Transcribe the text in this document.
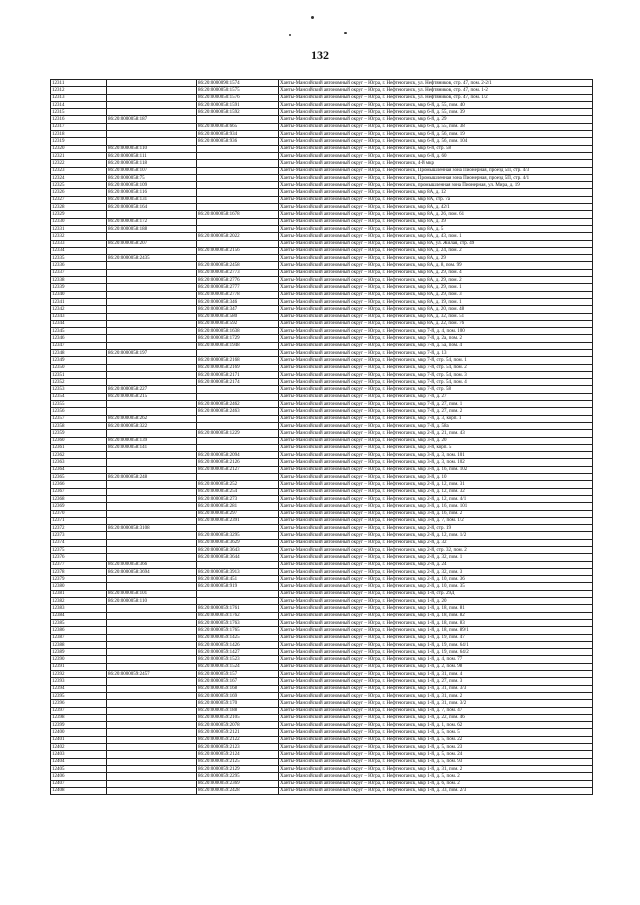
132
12311		86:20:0000090:1574	Ханты-Мансийский автономный округ – Югра, г. Нефтеюганск, ул. Нефтяников, стр. 47, пом. 2-2/1
12312		86:20:0000050:1575	Ханты-Мансийский автономный округ – Югра, г. Нефтеюганск, ул. Нефтяников, стр. 47, пом. 1-2
12313		86:20:0000050:1576	Ханты-Мансийский автономный округ – Югра, г. Нефтеюганск, ул. Нефтяников, стр. 47, пом. 1/2
12314		86:20:0000058:1591	Ханты-Мансийский автономный округ – Югра, г. Нефтеюганск, мкр 6-й, д. 55, пом. 40
12315		86:20:0000058:1592	Ханты-Мансийский автономный округ – Югра, г. Нефтеюганск, мкр 6-й, д. 55, пом. 39
12316	86:20:0000058:187		Ханты-Мансийский автономный округ – Югра, г. Нефтеюганск, мкр 6-й, д. 29
12317		86:20:0000058:665	Ханты-Мансийский автономный округ – Югра, г. Нефтеюганск, мкр 6-й, д. 55, пом. 38
12318		86:20:0000058:934	Ханты-Мансийский автономный округ – Югра, г. Нефтеюганск, мкр 6-й, д. 56, пом. 19
12319		86:20:0000058:936	Ханты-Мансийский автономный округ – Югра, г. Нефтеюганск, мкр 6-й, д. 56, пом. 104
12320	86:20:0000058:110		Ханты-Мансийский автономный округ – Югра, г. Нефтеюганск, мкр 6-й, стр. 58
12321	86:20:0000058:111		Ханты-Мансийский автономный округ – Югра, г. Нефтеюганск, мкр 6-й, д. 60
12322	86:20:0000058:118		Ханты-Мансийский автономный округ – Югра, г. Нефтеюганск, 4-й мкр
12323	86:20:0000058:107		Ханты-Мансийский автономный округ – Югра, г. Нефтеюганск, Промышленная зона Пионерная, проезд 5П, стр. 4/3
12324	86:20:0000058:75		Ханты-Мансийский автономный округ – Югра, г. Нефтеюганск, Промышленная зона Пионерная, проезд 5П, стр. 4/1
12325	86:20:0000058:109		Ханты-Мансийский автономный округ – Югра, г. Нефтеюганск, промышленная зона Пионерная, ул. Мира, д. 19
12326	86:20:0000058:116		Ханты-Мансийский автономный округ – Югра, г. Нефтеюганск, мкр 8А, д. 12
12327	86:20:0000058:131		Ханты-Мансийский автономный округ – Югра, г. Нефтеюганск, мкр 8А, стр. 7а
12328	86:20:0000058:164		Ханты-Мансийский автономный округ – Югра, г. Нефтеюганск, мкр 8А, д. 42/1
12329		86:20:0000058:1678	Ханты-Мансийский автономный округ – Югра, г. Нефтеюганск, мкр 8А, д. 26, пом. 61
12330	86:20:0000058:172		Ханты-Мансийский автономный округ – Югра, г. Нефтеюганск, мкр 8А, д. 39
12331	86:20:0000058:188		Ханты-Мансийский автономный округ – Югра, г. Нефтеюганск, мкр 8А, д. 5
12332		86:20:0000058:2022	Ханты-Мансийский автономный округ – Югра, г. Нефтеюганск, мкр 8А, д. 43, пом. 1
12333	86:20:0000058:207		Ханты-Мансийский автономный округ – Югра, г. Нефтеюганск, мкр 8А, ул. Жилая, стр. 49
12334		86:20:0000058:2156	Ханты-Мансийский автономный округ – Югра, г. Нефтеюганск, мкр 8А, д. 24, пом. 2
12335	86:20:0000058:2435		Ханты-Мансийский автономный округ – Югра, г. Нефтеюганск, мкр 8А, д. 29
12336		86:20:0000058:2458	Ханты-Мансийский автономный округ – Югра, г. Нефтеюганск, мкр 8А, д. 8, пом. 99
12337		86:20:0000058:2773	Ханты-Мансийский автономный округ – Югра, г. Нефтеюганск, мкр 8А, д. 29, пом. 4
12338		86:20:0000058:2776	Ханты-Мансийский автономный округ – Югра, г. Нефтеюганск, мкр 8А, д. 29, пом. 2
12339		86:20:0000058:2777	Ханты-Мансийский автономный округ – Югра, г. Нефтеюганск, мкр 8А, д. 29, пом. 1
12340		86:20:0000058:2778	Ханты-Мансийский автономный округ – Югра, г. Нефтеюганск, мкр 8А, д. 29, пом. 3
12341		86:20:0000058:346	Ханты-Мансийский автономный округ – Югра, г. Нефтеюганск, мкр 8А, д. 19, пом. 1
12342		86:20:0000058:347	Ханты-Мансийский автономный округ – Югра, г. Нефтеюганск, мкр 8А, д. 20, пом. 48
12343		86:20:0000058:580	Ханты-Мансийский автономный округ – Югра, г. Нефтеюганск, мкр 8А, д. 32, пом. 51
12344		86:20:0000058:592	Ханты-Мансийский автономный округ – Югра, г. Нефтеюганск, мкр 8А, д. 22, пом. 76
12345		86:20:0000058:1638	Ханты-Мансийский автономный округ – Югра, г. Нефтеюганск, мкр 7-й, д. 4, пом. 100
12346		86:20:0000058:1729	Ханты-Мансийский автономный округ – Югра, г. Нефтеюганск, мкр 7-й, д. 2а, пом. 2
12347		86:20:0000058:1948	Ханты-Мансийский автономный округ – Югра, г. Нефтеюганск, мкр 7-й, д. 5а, пом. 4
12348	86:20:0000058:197		Ханты-Мансийский автономный округ – Югра, г. Нефтеюганск, мкр 7-й, д. 13
12349		86:20:0000058:2168	Ханты-Мансийский автономный округ – Югра, г. Нефтеюганск, мкр 7-й, стр. 54, пом. 1
12350		86:20:0000058:2169	Ханты-Мансийский автономный округ – Югра, г. Нефтеюганск, мкр 7-й, стр. 54, пом. 2
12351		86:20:0000058:2171	Ханты-Мансийский автономный округ – Югра, г. Нефтеюганск, мкр 7-й, стр. 54, пом. 3
12352		86:20:0000058:2174	Ханты-Мансийский автономный округ – Югра, г. Нефтеюганск, мкр 7-й, стр. 54, пом. 4
12353	86:20:0000058:227		Ханты-Мансийский автономный округ – Югра, г. Нефтеюганск, мкр 7-й, стр. 58
12354	86:20:0000058:215		Ханты-Мансийский автономный округ – Югра, г. Нефтеюганск, мкр 7-й, д. 27
12355		86:20:0000058:2462	Ханты-Мансийский автономный округ – Югра, г. Нефтеюганск, мкр 7-й, д. 27, пом. 1
12356		86:20:0000058:2463	Ханты-Мансийский автономный округ – Югра, г. Нефтеюганск, мкр 7-й, д. 27, пом. 2
12357	86:20:0000058:262		Ханты-Мансийский автономный округ – Югра, г. Нефтеюганск, мкр 7-й, д. 3, корп. 1
12358	86:20:0000058:322		Ханты-Мансийский автономный округ – Югра, г. Нефтеюганск, мкр 7-й, д. 58а
12359		86:20:0000058:1229	Ханты-Мансийский автономный округ – Югра, г. Нефтеюганск, мкр 2-й, д. 21, пом. 43
12360	86:20:0000058:139		Ханты-Мансийский автономный округ – Югра, г. Нефтеюганск, мкр 3-й, д. 20
12361	86:20:0000058:141		Ханты-Мансийский автономный округ – Югра, г. Нефтеюганск, мкр 3-й, корп. 5
12362		86:20:0000058:2094	Ханты-Мансийский автономный округ – Югра, г. Нефтеюганск, мкр 3-й, д. 3, пом. 101
12363		86:20:0000058:2126	Ханты-Мансийский автономный округ – Югра, г. Нефтеюганск, мкр 3-й, д. 3, пом. 102
12364		86:20:0000058:2127	Ханты-Мансийский автономный округ – Югра, г. Нефтеюганск, мкр 3-й, д. 16, пом. 102
12365	86:20:0000058:248		Ханты-Мансийский автономный округ – Югра, г. Нефтеюганск, мкр 3-й, д. 10
12366		86:20:0000058:252	Ханты-Мансийский автономный округ – Югра, г. Нефтеюганск, мкр 2-й, д. 12, пом. 31
12367		86:20:0000058:254	Ханты-Мансийский автономный округ – Югра, г. Нефтеюганск, мкр 2-й, д. 12, пом. 32
12368		86:20:0000058:273	Ханты-Мансийский автономный округ – Югра, г. Нефтеюганск, мкр 2-й, д. 12, пом. 4/1
12369		86:20:0000058:281	Ханты-Мансийский автономный округ – Югра, г. Нефтеюганск, мкр 3-й, д. 16, пом. 101
12370		86:20:0000058:297	Ханты-Мансийский автономный округ – Югра, г. Нефтеюганск, мкр 3-й, д. 16, пом. 2
12371		86:20:0000058:2391	Ханты-Мансийский автономный округ – Югра, г. Нефтеюганск, мкр 3-й, д. 7, пом. 1/2
12372	86:20:0000058:3108		Ханты-Мансийский автономный округ – Югра, г. Нефтеюганск, мкр 2-й, стр. 19
12373		86:20:0000058:3295	Ханты-Мансийский автономный округ – Югра, г. Нефтеюганск, мкр 2-й, д. 12, пом. 1/2
12374		86:20:0000058:3629	Ханты-Мансийский автономный округ – Югра, г. Нефтеюганск, мкр 2-й, д. 32
12375		86:20:0000058:3643	Ханты-Мансийский автономный округ – Югра, г. Нефтеюганск, мкр 2-й, стр. 32, пом. 2
12376		86:20:0000058:3644	Ханты-Мансийский автономный округ – Югра, г. Нефтеюганск, мкр 2-й, д. 32, пом. 1
12377	86:20:0000058:366		Ханты-Мансийский автономный округ – Югра, г. Нефтеюганск, мкр 2-й, д. 24
12378	86:20:0000058:3694	86:20:0000058:3913	Ханты-Мансийский автономный округ – Югра, г. Нефтеюганск, мкр 2-й, д. 32, пом. 3
12379		86:20:0000058:451	Ханты-Мансийский автономный округ – Югра, г. Нефтеюганск, мкр 2-й, д. 10, пом. 36
12380		86:20:0000058:919	Ханты-Мансийский автономный округ – Югра, г. Нефтеюганск, мкр 2-й, д. 10, пом. 35
12381	86:20:0000058:101		Ханты-Мансийский автономный округ – Югра, г. Нефтеюганск, мкр 1-й, стр. 29Д
12382	86:20:0000058:110		Ханты-Мансийский автономный округ – Югра, г. Нефтеюганск, мкр 1-й, д. 20
12383		86:20:0000059:1761	Ханты-Мансийский автономный округ – Югра, г. Нефтеюганск, мкр 1-й, д. 18, пом. 81
12384		86:20:0000059:1762	Ханты-Мансийский автономный округ – Югра, г. Нефтеюганск, мкр 1-й, д. 18, пом. 82
12385		86:20:0000059:1763	Ханты-Мансийский автономный округ – Югра, г. Нефтеюганск, мкр 1-й, д. 18, пом. 83
12386		86:20:0000059:1765	Ханты-Мансийский автономный округ – Югра, г. Нефтеюганск, мкр 1-й, д. 18, пом. 89/1
12387		86:20:0000059:1425	Ханты-Мансийский автономный округ – Югра, г. Нефтеюганск, мкр 1-й, д. 19, пом. 47
12388		86:20:0000059:1426	Ханты-Мансийский автономный округ – Югра, г. Нефтеюганск, мкр 1-й, д. 19, пом. 64/1
12389		86:20:0000059:1427	Ханты-Мансийский автономный округ – Югра, г. Нефтеюганск, мкр 1-й, д. 19, пом. 64/2
12390		86:20:0000059:1523	Ханты-Мансийский автономный округ – Югра, г. Нефтеюганск, мкр 1-й, д. 4, пом. 77
12391		86:20:0000059:1524	Ханты-Мансийский автономный округ – Югра, г. Нефтеюганск, мкр 1-й, д. 2, пом. 98
12392	86:20:0000059:2457	86:20:0000059:157	Ханты-Мансийский автономный округ – Югра, г. Нефтеюганск, мкр 1-й, д. 31, пом. 4
12393		86:20:0000059:167	Ханты-Мансийский автономный округ – Югра, г. Нефтеюганск, мкр 1-й, д. 27, пом. 3
12394		86:20:0000059:168	Ханты-Мансийский автономный округ – Югра, г. Нефтеюганск, мкр 1-й, д. 31, пом. 3/3
12395		86:20:0000059:169	Ханты-Мансийский автономный округ – Югра, г. Нефтеюганск, мкр 1-й, д. 31, пом. 2
12396		86:20:0000059:170	Ханты-Мансийский автономный округ – Югра, г. Нефтеюганск, мкр 1-й, д. 31, пом. 3/2
12397		86:20:0000059:188	Ханты-Мансийский автономный округ – Югра, г. Нефтеюганск, мкр 1-й, д. 7, пом. 47
12398		86:20:0000059:2105	Ханты-Мансийский автономный округ – Югра, г. Нефтеюганск, мкр 1-й, д. 22, пом. 46
12399		86:20:0000059:2078	Ханты-Мансийский автономный округ – Югра, г. Нефтеюганск, мкр 1-й, д. 1, пом. 62
12400		86:20:0000059:2121	Ханты-Мансийский автономный округ – Югра, г. Нефтеюганск, мкр 1-й, д. 5, пом. 5
12401		86:20:0000059:2122	Ханты-Мансийский автономный округ – Югра, г. Нефтеюганск, мкр 1-й, д. 5, пом. 22
12402		86:20:0000059:2123	Ханты-Мансийский автономный округ – Югра, г. Нефтеюганск, мкр 1-й, д. 5, пом. 23
12403		86:20:0000059:2124	Ханты-Мансийский автономный округ – Югра, г. Нефтеюганск, мкр 1-й, д. 5, пом. 24
12404		86:20:0000059:2125	Ханты-Мансийский автономный округ – Югра, г. Нефтеюганск, мкр 1-й, д. 5, пом. 93
12405		86:20:0000059:2129	Ханты-Мансийский автономный округ – Югра, г. Нефтеюганск, мкр 1-й, д. 31, пом. 2
12406		86:20:0000059:2295	Ханты-Мансийский автономный округ – Югра, г. Нефтеюганск, мкр 1-й, д. 5, пом. 2
12407		86:20:0000059:2369	Ханты-Мансийский автономный округ – Югра, г. Нефтеюганск, мкр 1-й, д. 6, пом. 2
12408		86:20:0000059:2428	Ханты-Мансийский автономный округ – Югра, г. Нефтеюганск, мкр 1-й, д. 33, пом. 2/3
